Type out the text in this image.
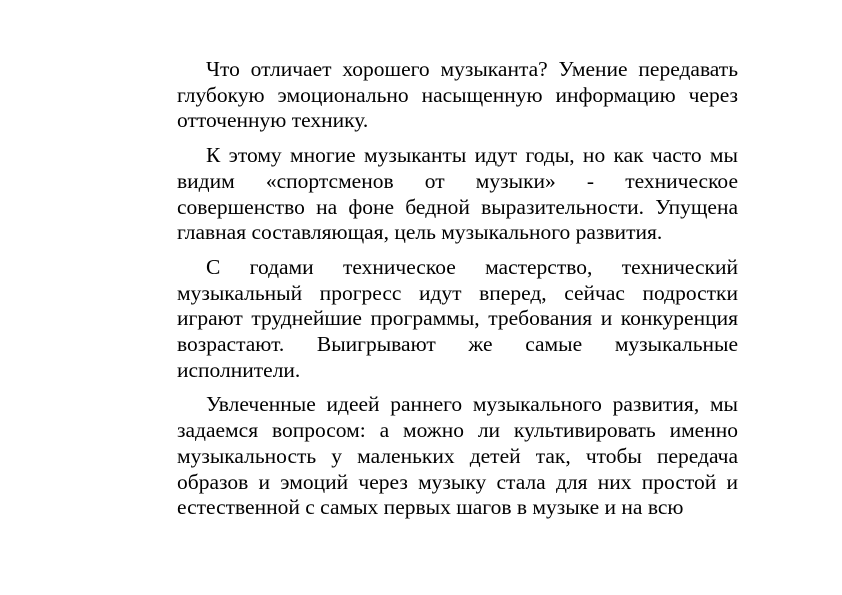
Что отличает хорошего музыканта? Умение передавать глубокую эмоционально насыщенную информацию через отточенную технику.

К этому многие музыканты идут годы, но как часто мы видим «спортсменов от музыки» - техническое совершенство на фоне бедной выразительности. Упущена главная составляющая, цель музыкального развития.

С годами техническое мастерство, технический музыкальный прогресс идут вперед, сейчас подростки играют труднейшие программы, требования и конкуренция возрастают. Выигрывают же самые музыкальные исполнители.

Увлеченные идеей раннего музыкального развития, мы задаемся вопросом: а можно ли культивировать именно музыкальность у маленьких детей так, чтобы передача образов и эмоций через музыку стала для них простой и естественной с самых первых шагов в музыке и на всю
